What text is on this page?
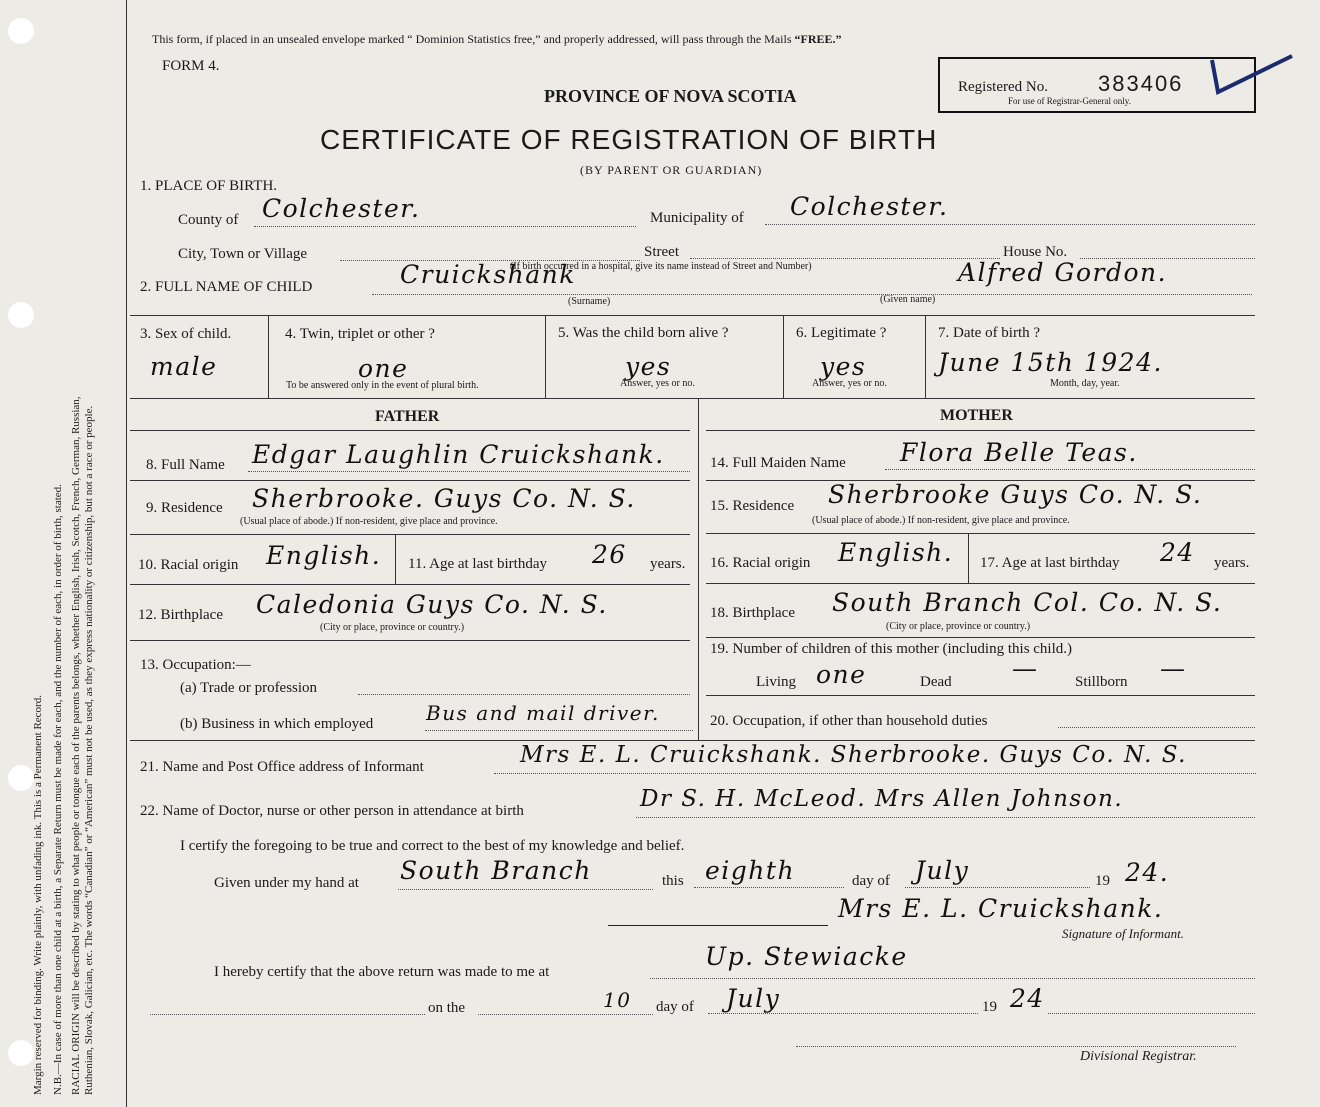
Margin reserved for binding. Write plainly, with unfading ink. This is a Permanent Record. N.B.—In case of more than one child at a birth, a Separate Return must be made for each, and the number of each, in order of birth, stated. RACIAL ORIGIN will be described by stating to what people or tongue each of the parents belongs, whether English, Irish, Scotch, French, German, Russian, Ruthenian, Slovak, Galician, etc. The words “Canadian” or “American” must not be used, as they express nationality or citizenship, but not a race or people.
This form, if placed in an unsealed envelope marked “ Dominion Statistics free,” and properly addressed, will pass through the Mails “FREE.”
FORM 4.
PROVINCE OF NOVA SCOTIA
CERTIFICATE OF REGISTRATION OF BIRTH
(BY PARENT OR GUARDIAN)
Registered No. 383406
For use of Registrar-General only.
1. PLACE OF BIRTH.
County of Colchester.	Municipality of Colchester.
City, Town or Village	Street	House No.
(If birth occurred in a hospital, give its name instead of Street and Number)
2. FULL NAME OF CHILD	Cruickshank
(Surname)
Alfred Gordon.
(Given name)
3. Sex of child.
male
4. Twin, triplet or other ?
one
To be answered only in the event of plural birth.
5. Was the child born alive ?
yes
Answer, yes or no.
6. Legitimate ?
yes
Answer, yes or no.
7. Date of birth ?
June 15th 1924.
Month, day, year.
FATHER	MOTHER
8. Full Name Edgar Laughlin Cruickshank.
9. Residence Sherbrooke. Guys Co. N. S.
(Usual place of abode.) If non-resident, give place and province.
10. Racial origin English. 11. Age at last birthday 26 years.
12. Birthplace Caledonia Guys Co. N. S.
(City or place, province or country.)
13. Occupation:—
(a) Trade or profession
(b) Business in which employed	Bus and mail driver.
14. Full Maiden Name Flora Belle Teas.
15. Residence Sherbrooke Guys Co. N. S.
(Usual place of abode.) If non-resident, give place and province.
16. Racial origin English. 17. Age at last birthday 24 years.
18. Birthplace South Branch Col. Co. N. S.
(City or place, province or country.)
19. Number of children of this mother (including this child.)
Living one	Dead — Stillborn —
20. Occupation, if other than household duties
21. Name and Post Office address of Informant	Mrs E. L. Cruickshank. Sherbrooke. Guys Co. N. S.
22. Name of Doctor, nurse or other person in attendance at birth	Dr S. H. McLeod. Mrs Allen Johnson.
I certify the foregoing to be true and correct to the best of my knowledge and belief.
Given under my hand at South Branch	this eighth	day of July	19 24.
Mrs E. L. Cruickshank.
Signature of Informant.
I hereby certify that the above return was made to me at
Up. Stewiacke
on the	10 day of July	19 24
Divisional Registrar.
